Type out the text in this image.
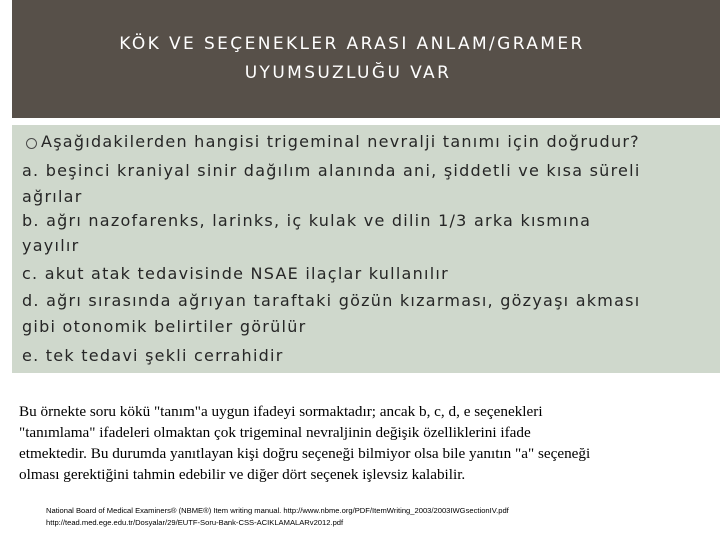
KÖK VE SEÇENEKLER ARASI ANLAM/GRAMER
UYUMSUZLUĞU VAR
Aşağıdakilerden hangisi trigeminal nevralji tanımı için doğrudur?
a. beşinci kraniyal sinir dağılım alanında ani, şiddetli ve kısa süreli
ağrılar
b. ağrı nazofarenks, larinks, iç kulak ve dilin 1/3 arka kısmına
yayılır
c. akut atak tedavisinde NSAE ilaçlar kullanılır
d. ağrı sırasında ağrıyan taraftaki gözün kızarması, gözyaşı akması
gibi otonomik belirtiler görülür
e. tek tedavi şekli cerrahidir
Bu örnekte soru kökü "tanım"a uygun ifadeyi sormaktadır; ancak b, c, d, e seçenekleri
"tanımlama" ifadeleri olmaktan çok trigeminal nevraljinin değişik özelliklerini ifade
etmektedir. Bu durumda yanıtlayan kişi doğru seçeneği bilmiyor olsa bile yanıtın "a" seçeneği
olması gerektiğini tahmin edebilir ve diğer dört seçenek işlevsiz kalabilir.
National Board of Medical Examiners® (NBME®) Item writing manual. http://www.nbme.org/PDF/ItemWriting_2003/2003IWGsectionIV.pdf
http://tead.med.ege.edu.tr/Dosyalar/29/EUTF-Soru-Bank-CSS-ACIKLAMALARv2012.pdf
